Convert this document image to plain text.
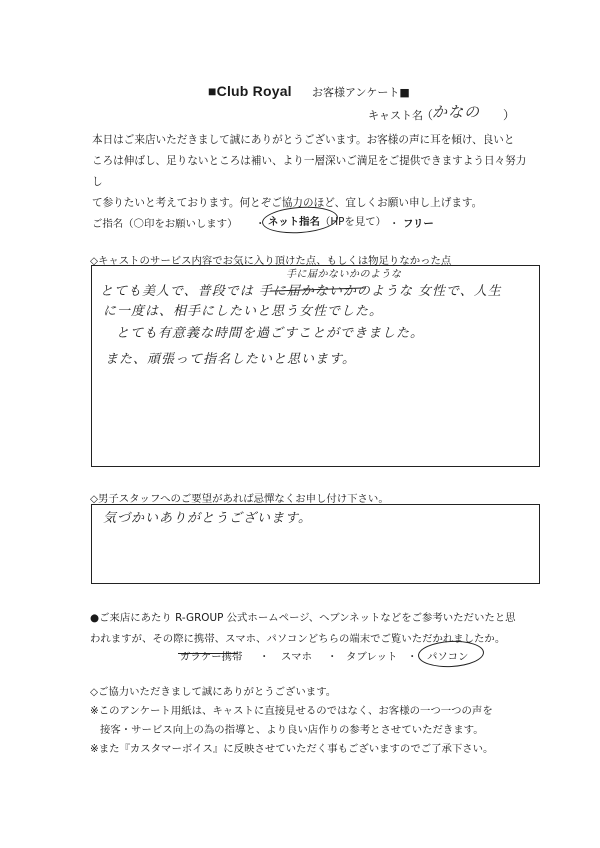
■Club Royal お客様アンケート■
キャスト名
（
かなの ）
本日はご来店いただきまして誠にありがとうございます。お客様の声に耳を傾け、良いと
ころは伸ばし、足りないところは補い、より一層深いご満足をご提供できますよう日々努力し
て参りたいと考えております。何とぞご協力のほど、宜しくお願い申し上げます。
ご指名（〇印をお願いします） ・ ネット指名（HPを見て） ・ フリー
◇キャストのサービス内容でお気に入り頂けた点、もしくは物足りなかった点
手に届かないかのような
とても美人で、普段では 手に届かないかのような 女性で、人生
に一度は、相手にしたいと思う女性でした。
とても有意義な時間を過ごすことができました。
また、頑張って指名したいと思います。
◇男子スタッフへのご要望があれば忌憚なくお申し付け下さい。
気づかいありがとうございます。
●ご来店にあたり R-GROUP 公式ホームページ、ヘブンネットなどをご参考いただいたと思
われますが、その際に携帯、スマホ、パソコンどちらの端末でご覧いただかれましたか。
ガラケー携帯 ・ スマホ ・ タブレット ・ パソコン
◇ご協力いただきまして誠にありがとうございます。
※このアンケート用紙は、キャストに直接見せるのではなく、お客様の一つ一つの声を
接客・サービス向上の為の指導と、より良い店作りの参考とさせていただきます。
※また『カスタマーボイス』に反映させていただく事もございますのでご了承下さい。
